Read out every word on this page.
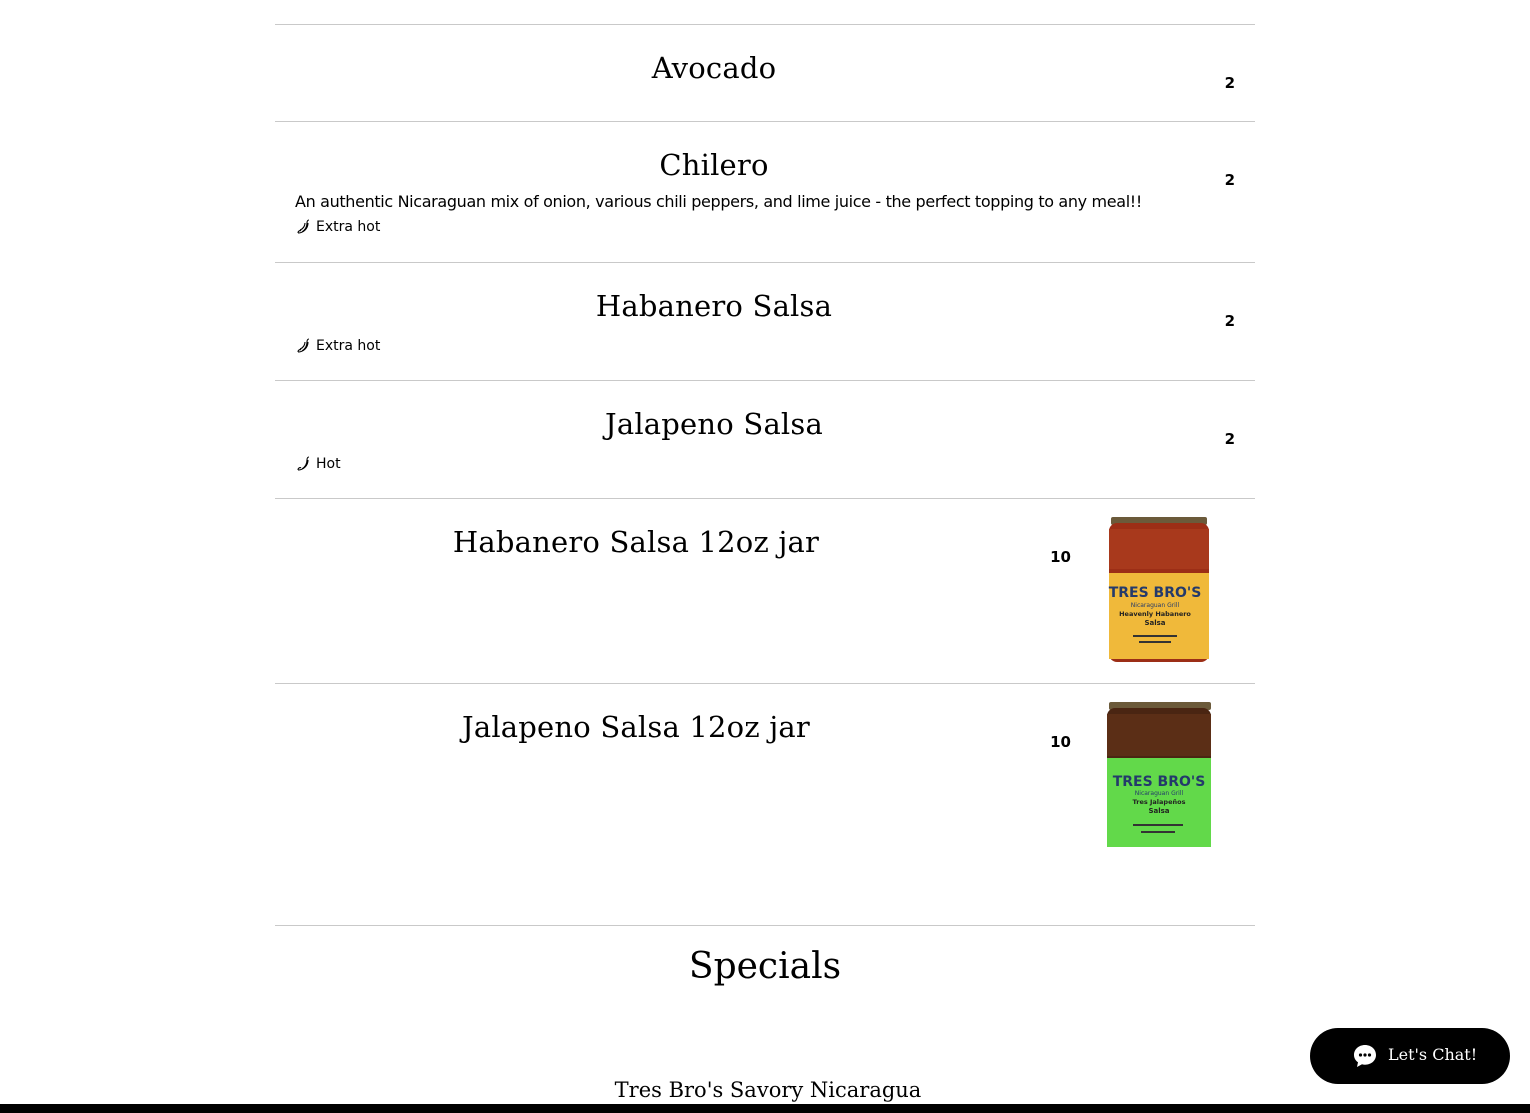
Avocado	2
Chilero	2

An authentic Nicaraguan mix of onion, various chili peppers, and lime juice - the perfect topping to any meal!!

Extra hot
Habanero Salsa	2
Extra hot
Jalapeno Salsa	2
Hot
Habanero Salsa 12oz jar	10
TRES BRO'S
Nicaraguan Grill
Heavenly Habanero
Salsa
Jalapeno Salsa 12oz jar	10
TRES BRO'S
Nicaraguan Grill
Tres Jalapeños
Salsa
Specials

Tres Bro's Savory Nicaragua

Let's Chat!
